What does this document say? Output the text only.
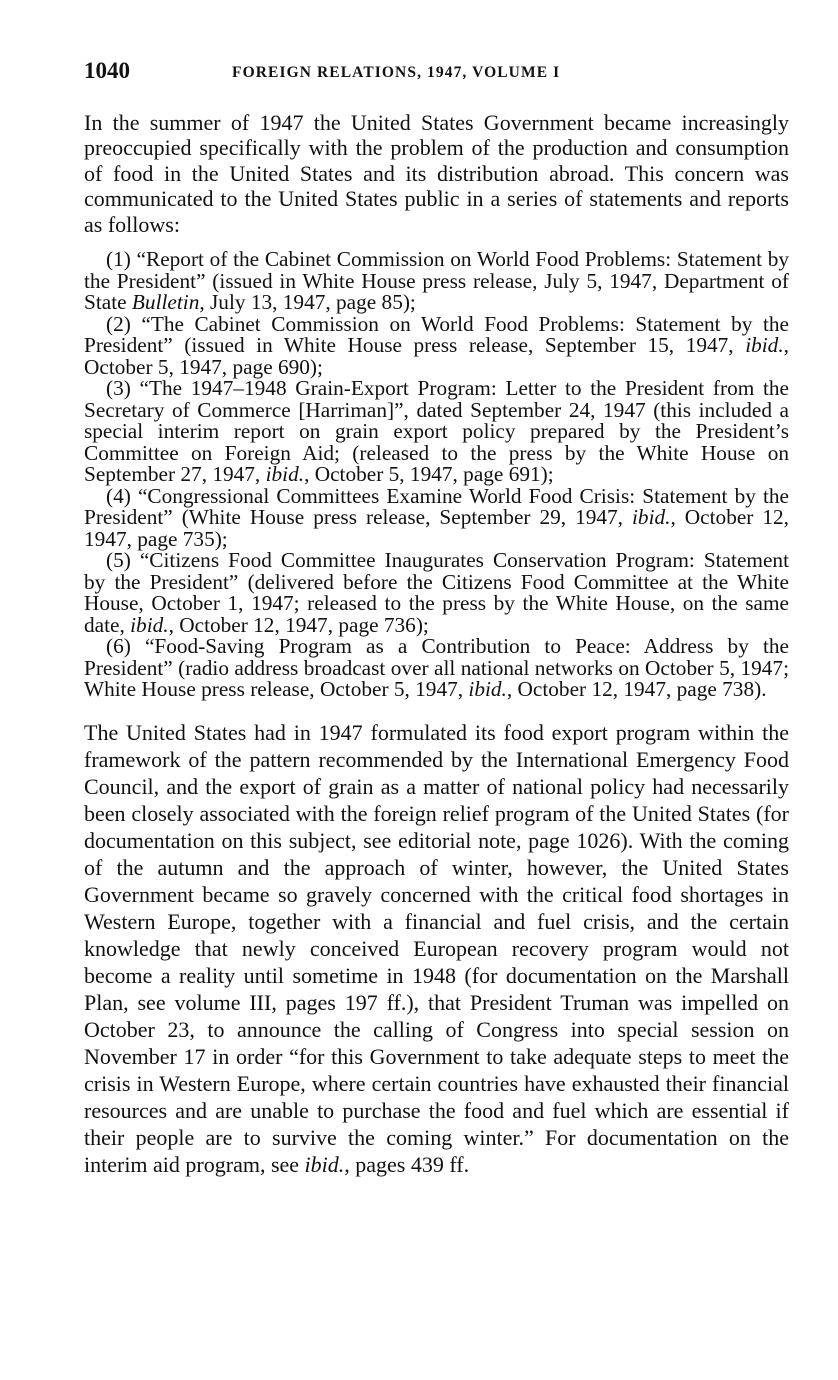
1040	FOREIGN RELATIONS, 1947, VOLUME I

In the summer of 1947 the United States Government became increasingly preoccupied specifically with the problem of the production and consumption of food in the United States and its distribution abroad. This concern was communicated to the United States public in a series of statements and reports as follows:

(1) “Report of the Cabinet Commission on World Food Problems: Statement by the President” (issued in White House press release, July 5, 1947, Department of State Bulletin, July 13, 1947, page 85);

(2) “The Cabinet Commission on World Food Problems: Statement by the President” (issued in White House press release, September 15, 1947, ibid., October 5, 1947, page 690);

(3) “The 1947–1948 Grain-Export Program: Letter to the President from the Secretary of Commerce [Harriman]”, dated September 24, 1947 (this included a special interim report on grain export policy prepared by the President’s Committee on Foreign Aid; (released to the press by the White House on September 27, 1947, ibid., October 5, 1947, page 691);

(4) “Congressional Committees Examine World Food Crisis: Statement by the President” (White House press release, September 29, 1947, ibid., October 12, 1947, page 735);

(5) “Citizens Food Committee Inaugurates Conservation Program: Statement by the President” (delivered before the Citizens Food Committee at the White House, October 1, 1947; released to the press by the White House, on the same date, ibid., October 12, 1947, page 736);

(6) “Food-Saving Program as a Contribution to Peace: Address by the President” (radio address broadcast over all national networks on October 5, 1947; White House press release, October 5, 1947, ibid., October 12, 1947, page 738).

The United States had in 1947 formulated its food export program within the framework of the pattern recommended by the International Emergency Food Council, and the export of grain as a matter of national policy had necessarily been closely associated with the foreign relief program of the United States (for documentation on this subject, see editorial note, page 1026). With the coming of the autumn and the approach of winter, however, the United States Government became so gravely concerned with the critical food shortages in Western Europe, together with a financial and fuel crisis, and the certain knowledge that newly conceived European recovery program would not become a reality until sometime in 1948 (for documentation on the Marshall Plan, see volume III, pages 197 ff.), that President Truman was impelled on October 23, to announce the calling of Congress into special session on November 17 in order “for this Government to take adequate steps to meet the crisis in Western Europe, where certain countries have exhausted their financial resources and are unable to purchase the food and fuel which are essential if their people are to survive the coming winter.” For documentation on the interim aid program, see ibid., pages 439 ff.
